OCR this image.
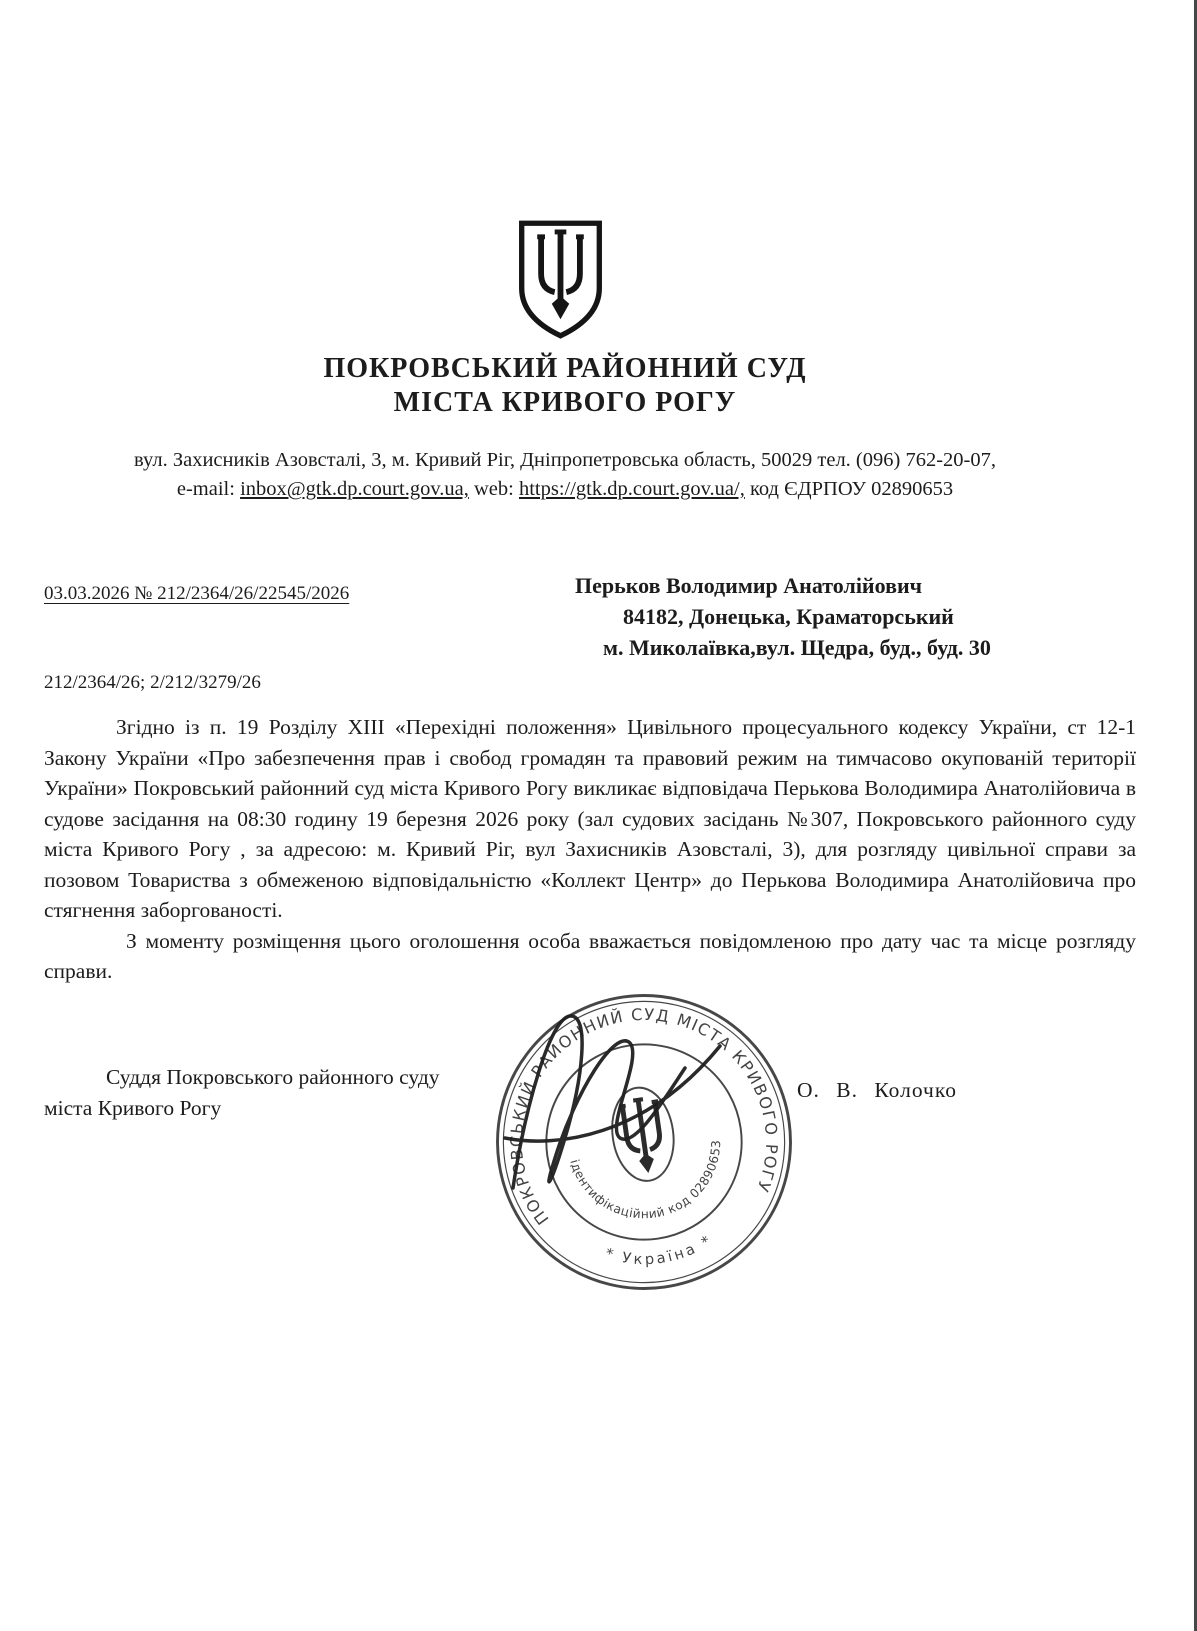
ПОКРОВСЬКИЙ РАЙОННИЙ СУД
МІСТА КРИВОГО РОГУ
вул. Захисників Азовсталі, 3, м. Кривий Ріг, Дніпропетровська область, 50029 тел. (096) 762-20-07,
e-mail: inbox@gtk.dp.court.gov.ua, web: https://gtk.dp.court.gov.ua/, код ЄДРПОУ 02890653
03.03.2026 № 212/2364/26/22545/2026	Перьков Володимир Анатолійович
84182, Донецька, Краматорський
м. Миколаївка,вул. Щедра, буд., буд. 30
212/2364/26; 2/212/3279/26

Згідно із п. 19 Розділу XIII «Перехідні положення» Цивільного процесуального кодексу України, ст 12-1 Закону України «Про забезпечення прав і свобод громадян та правовий режим на тимчасово окупованій території України» Покровський районний суд міста Кривого Рогу викликає відповідача Перькова Володимира Анатолійовича в судове засідання на 08:30 годину 19 березня 2026 року (зал судових засідань №307, Покровського районного суду міста Кривого Рогу , за адресою: м. Кривий Ріг, вул Захисників Азовсталі, 3), для розгляду цивільної справи за позовом Товариства з обмеженою відповідальністю «Коллект Центр» до Перькова Володимира Анатолійовича про стягнення заборгованості.

З моменту розміщення цього оголошення особа вважається повідомленою про дату час та місце розгляду справи.

Суддя Покровського районного суду
міста Кривого Рогу
О. В. Колочко
ПОКРОВСЬКИЙ РАЙОННИЙ СУД МІСТА КРИВОГО РОГУ
* Україна *
ідентифікаційний код 02890653
